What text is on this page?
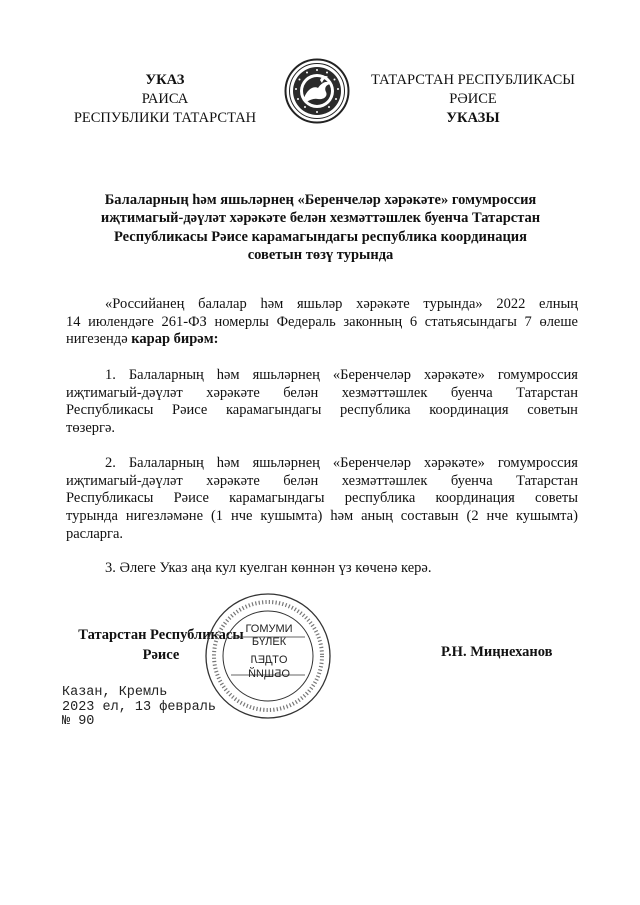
УКАЗ
РАИСА
РЕСПУБЛИКИ ТАТАРСТАН
ТАТАРСТАН РЕСПУБЛИКАСЫ
РӘИСЕ
УКАЗЫ
Балаларның һәм яшьләрнең «Беренчеләр хәрәкәте» гомумроссия
иҗтимагый-дәүләт хәрәкәте белән хезмәттәшлек буенча Татарстан
Республикасы Рәисе карамагындагы республика координация
советын төзү турында
«Российанең балалар һәм яшьләр хәрәкәте турында» 2022 елның
14 июлендәге 261-ФЗ номерлы Федераль законның 6 статьясындагы 7 өлеше
нигезендә карар бирәм:
1. Балаларның һәм яшьләрнең «Беренчеләр хәрәкәте» гомумроссия
иҗтимагый-дәүләт хәрәкәте белән хезмәттәшлек буенча Татарстан
Республикасы Рәисе карамагындагы республика координация советын
төзергә.
2. Балаларның һәм яшьләрнең «Беренчеләр хәрәкәте» гомумроссия
иҗтимагый-дәүләт хәрәкәте белән хезмәттәшлек буенча Татарстан
Республикасы Рәисе карамагындагы республика координация советы
турында нигезләмәне (1 нче кушымта) һәм аның составын (2 нче кушымта)
расларга.
3. Әлеге Указ аңа кул куелган көннән үз көченә керә.
Татарстан Республикасы
Рәисе
ГОМУМИ
БҮЛЕК
ОТДЕЛ
ОБЩИЙ
Р.Н. Миңнеханов
Казан, Кремль
2023 ел, 13 февраль
№ 90
